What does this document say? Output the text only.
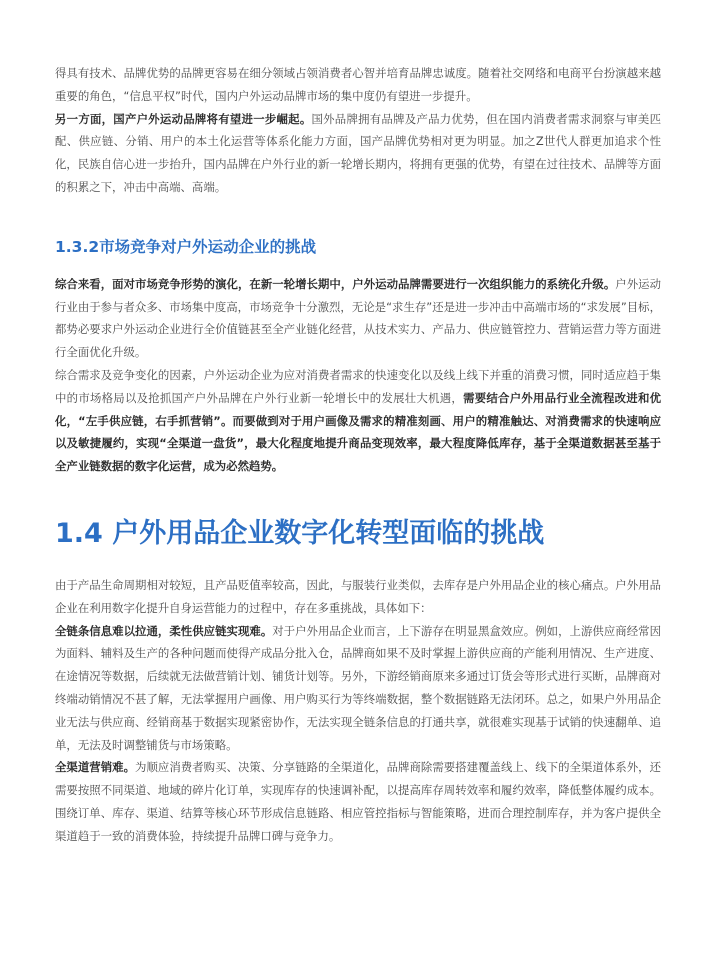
得具有技术、品牌优势的品牌更容易在细分领域占领消费者心智并培育品牌忠诚度。随着社交网络和电商平台扮演越来越重要的角色，“信息平权”时代，国内户外运动品牌市场的集中度仍有望进一步提升。

另一方面，国产户外运动品牌将有望进一步崛起。国外品牌拥有品牌及产品力优势，但在国内消费者需求洞察与审美匹配、供应链、分销、用户的本土化运营等体系化能力方面，国产品牌优势相对更为明显。加之Z世代人群更加追求个性化，民族自信心进一步抬升，国内品牌在户外行业的新一轮增长期内，将拥有更强的优势，有望在过往技术、品牌等方面的积累之下，冲击中高端、高端。

1.3.2市场竞争对户外运动企业的挑战

综合来看，面对市场竞争形势的演化，在新一轮增长期中，户外运动品牌需要进行一次组织能力的系统化升级。户外运动行业由于参与者众多、市场集中度高，市场竞争十分激烈，无论是“求生存”还是进一步冲击中高端市场的“求发展”目标，都势必要求户外运动企业进行全价值链甚至全产业链化经营，从技术实力、产品力、供应链管控力、营销运营力等方面进行全面优化升级。

综合需求及竞争变化的因素，户外运动企业为应对消费者需求的快速变化以及线上线下并重的消费习惯，同时适应趋于集中的市场格局以及抢抓国产户外品牌在户外行业新一轮增长中的发展壮大机遇，需要结合户外用品行业全流程改进和优化，“左手供应链，右手抓营销”。而要做到对于用户画像及需求的精准刻画、用户的精准触达、对消费需求的快速响应以及敏捷履约，实现“全渠道一盘货”，最大化程度地提升商品变现效率，最大程度降低库存，基于全渠道数据甚至基于全产业链数据的数字化运营，成为必然趋势。

1.4 户外用品企业数字化转型面临的挑战

由于产品生命周期相对较短，且产品贬值率较高，因此，与服装行业类似，去库存是户外用品企业的核心痛点。户外用品企业在利用数字化提升自身运营能力的过程中，存在多重挑战，具体如下：

全链条信息难以拉通，柔性供应链实现难。对于户外用品企业而言，上下游存在明显黑盒效应。例如，上游供应商经常因为面料、辅料及生产的各种问题而使得产成品分批入仓，品牌商如果不及时掌握上游供应商的产能利用情况、生产进度、在途情况等数据，后续就无法做营销计划、铺货计划等。另外，下游经销商原来多通过订货会等形式进行买断，品牌商对终端动销情况不甚了解，无法掌握用户画像、用户购买行为等终端数据，整个数据链路无法闭环。总之，如果户外用品企业无法与供应商、经销商基于数据实现紧密协作，无法实现全链条信息的打通共享，就很难实现基于试销的快速翻单、追单，无法及时调整铺货与市场策略。

全渠道营销难。为顺应消费者购买、决策、分享链路的全渠道化，品牌商除需要搭建覆盖线上、线下的全渠道体系外，还需要按照不同渠道、地域的碎片化订单，实现库存的快速调补配，以提高库存周转效率和履约效率，降低整体履约成本。围绕订单、库存、渠道、结算等核心环节形成信息链路、相应管控指标与智能策略，进而合理控制库存，并为客户提供全渠道趋于一致的消费体验，持续提升品牌口碑与竞争力。
